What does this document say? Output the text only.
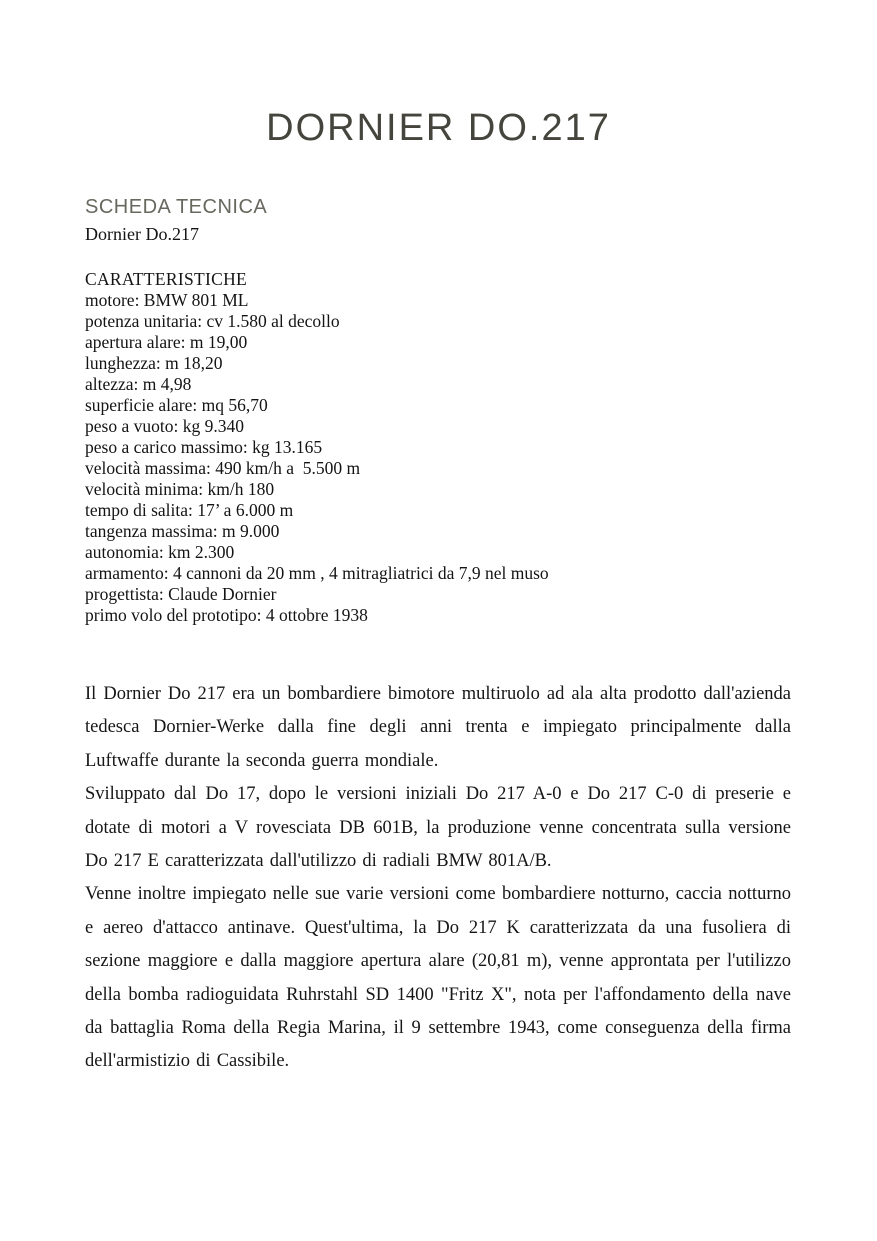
DORNIER DO.217
SCHEDA TECNICA
Dornier Do.217
CARATTERISTICHE
motore: BMW 801 ML
potenza unitaria: cv 1.580 al decollo
apertura alare: m 19,00
lunghezza: m 18,20
altezza: m 4,98
superficie alare: mq 56,70
peso a vuoto: kg 9.340
peso a carico massimo: kg 13.165
velocità massima: 490 km/h a  5.500 m
velocità minima: km/h 180
tempo di salita: 17’ a 6.000 m
tangenza massima: m 9.000
autonomia: km 2.300
armamento: 4 cannoni da 20 mm , 4 mitragliatrici da 7,9 nel muso
progettista: Claude Dornier
primo volo del prototipo: 4 ottobre 1938

Il Dornier Do 217 era un bombardiere bimotore multiruolo ad ala alta prodotto dall'azienda tedesca Dornier-Werke dalla fine degli anni trenta e impiegato principalmente dalla Luftwaffe durante la seconda guerra mondiale.

Sviluppato dal Do 17, dopo le versioni iniziali Do 217 A-0 e Do 217 C-0 di preserie e dotate di motori a V rovesciata DB 601B, la produzione venne concentrata sulla versione Do 217 E caratterizzata dall'utilizzo di radiali BMW 801A/B.

Venne inoltre impiegato nelle sue varie versioni come bombardiere notturno, caccia notturno e aereo d'attacco antinave. Quest'ultima, la Do 217 K caratterizzata da una fusoliera di sezione maggiore e dalla maggiore apertura alare (20,81 m), venne approntata per l'utilizzo della bomba radioguidata Ruhrstahl SD 1400 "Fritz X", nota per l'affondamento della nave da battaglia Roma della Regia Marina, il 9 settembre 1943, come conseguenza della firma dell'armistizio di Cassibile.
